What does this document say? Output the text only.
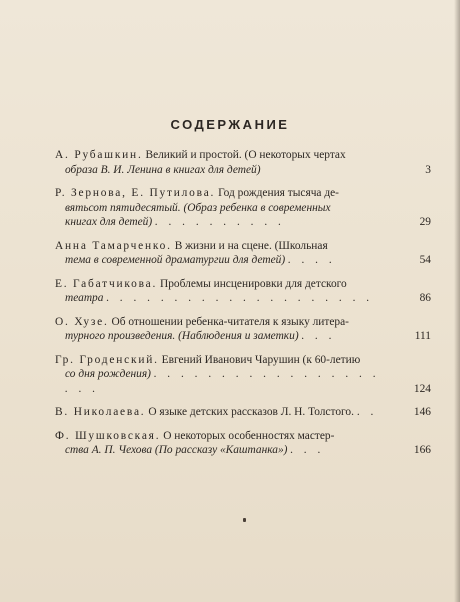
СОДЕРЖАНИЕ
А. Рубашкин. Великий и простой. (О некоторых чертах
образа В. И. Ленина в книгах для детей)	3
Р. Зернова, Е. Путилова. Год рождения тысяча де-
вятьсот пятидесятый. (Образ ребенка в современных
книгах для детей) . . . . . . . . . .	29
Анна Тамарченко. В жизни и на сцене. (Школьная
тема в современной драматургии для детей) . . . .	54
Е. Габатчикова. Проблемы инсценировки для детского
театра . . . . . . . . . . . . . . . . . . . .	86
О. Хузе. Об отношении ребенка-читателя к языку литера-
турного произведения. (Наблюдения и заметки) . . .	111
Гр. Гроденский. Евгений Иванович Чарушин (к 60-летию
со дня рождения) . . . . . . . . . . . . . . . . . . . .	124
В. Николаева. О языке детских рассказов Л. Н. Толстого. . .	146
Ф. Шушковская. О некоторых особенностях мастер-
ства А. П. Чехова (По рассказу «Каштанка») . . .	166
